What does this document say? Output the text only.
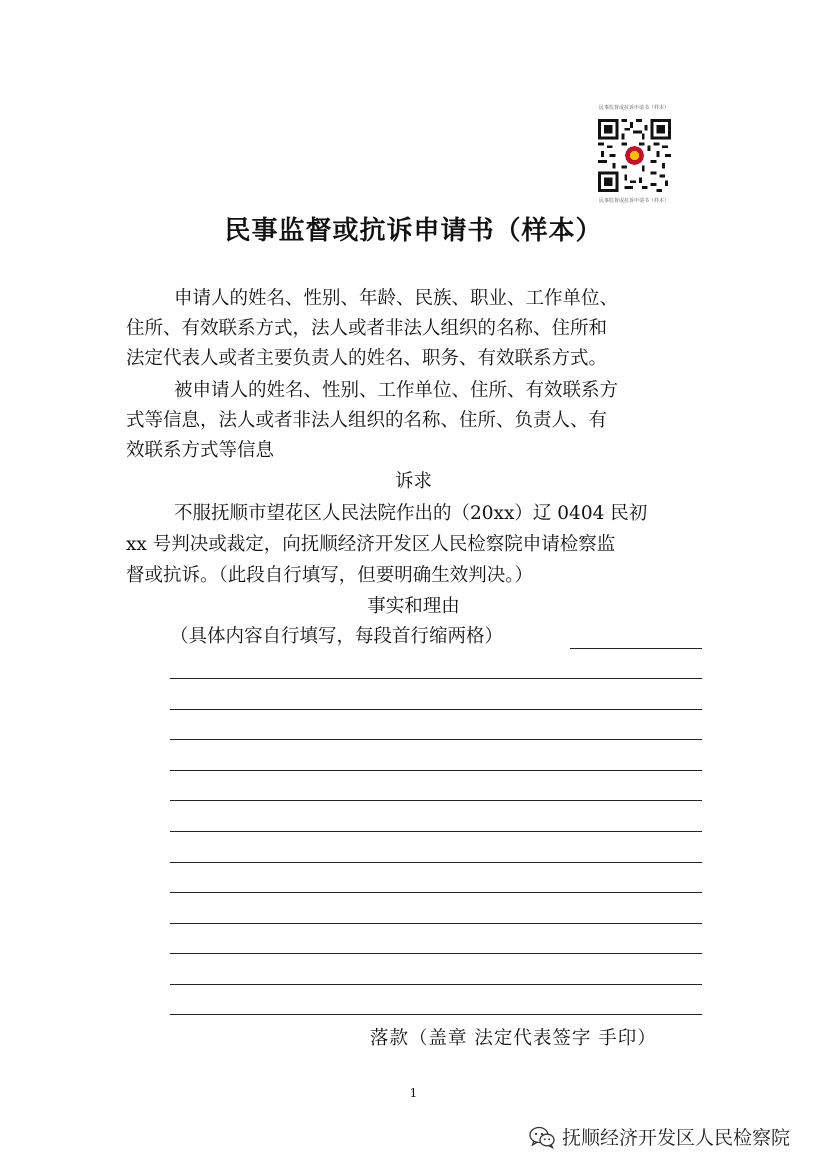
民事监督或抗诉申请书（样本）
民事监督或抗诉申请书（样本）
民事监督或抗诉申请书（样本）
申请人的姓名、性别、年龄、民族、职业、工作单位、
住所、有效联系方式，法人或者非法人组织的名称、住所和
法定代表人或者主要负责人的姓名、职务、有效联系方式。
被申请人的姓名、性别、工作单位、住所、有效联系方
式等信息，法人或者非法人组织的名称、住所、负责人、有
效联系方式等信息
诉求
不服抚顺市望花区人民法院作出的（20xx）辽 0404 民初
xx 号判决或裁定，向抚顺经济开发区人民检察院申请检察监
督或抗诉。（此段自行填写，但要明确生效判决。）
事实和理由
（具体内容自行填写，每段首行缩两格）
落款（盖章 法定代表签字 手印）
1
抚顺经济开发区人民检察院
